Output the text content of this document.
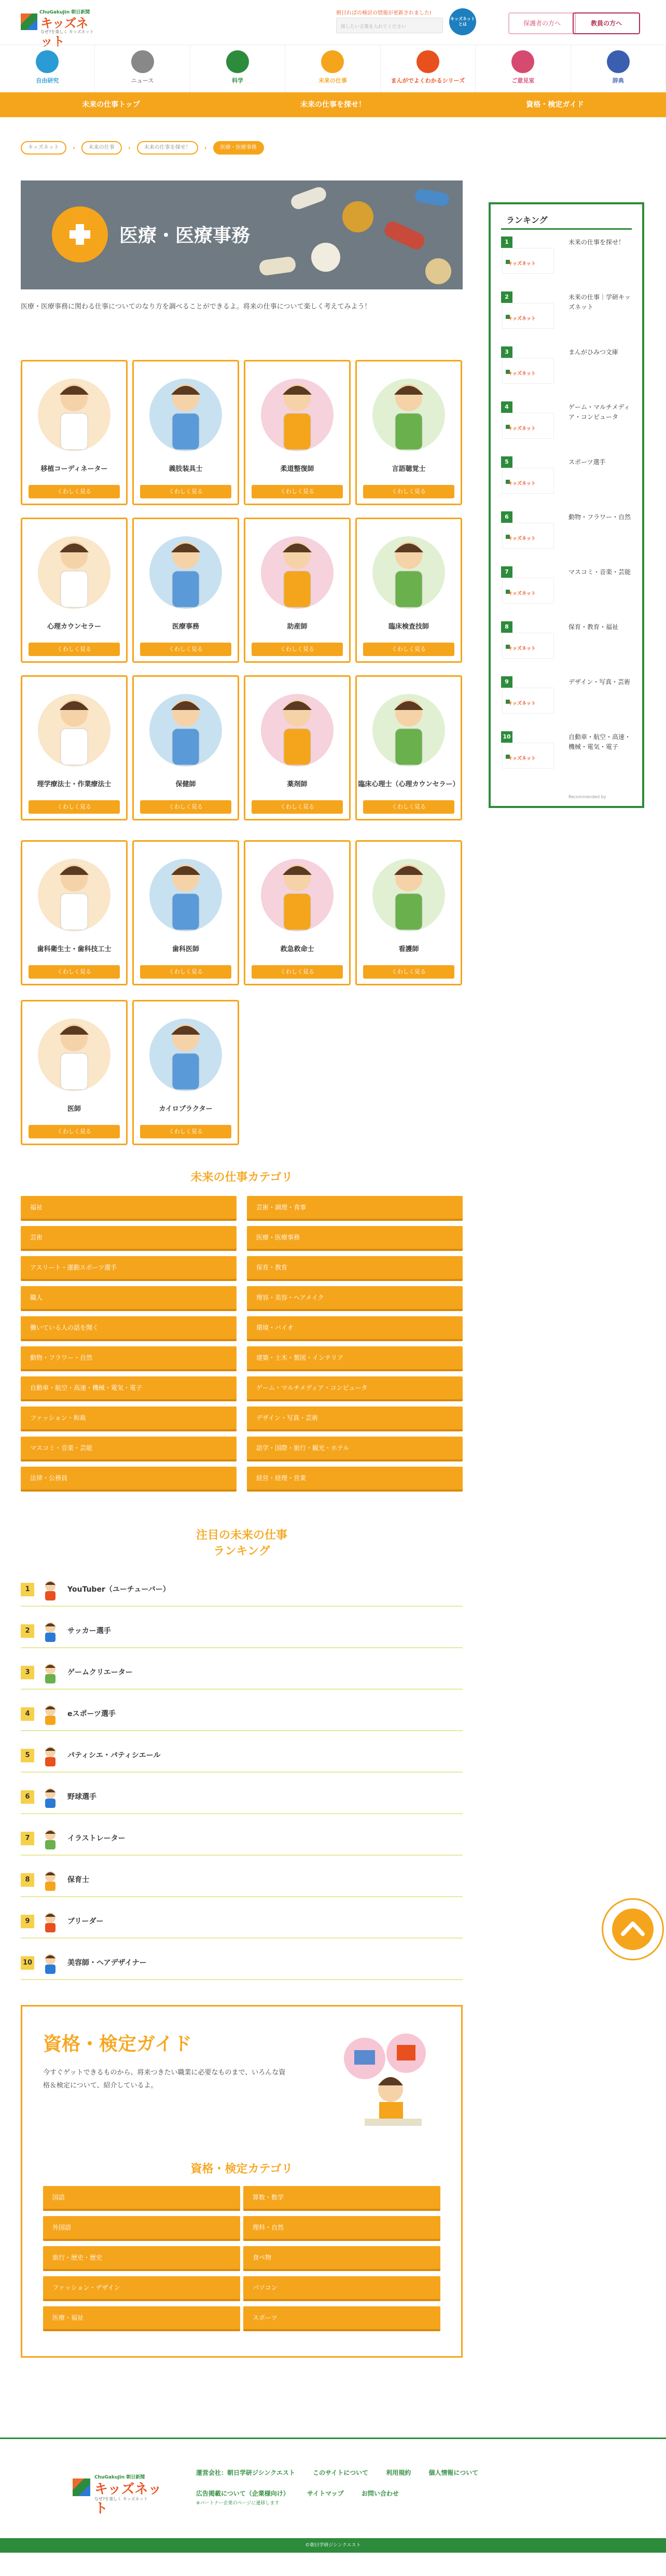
ChuGakuJin 朝日新聞
キッズネット
なぜ?を楽しく キッズネット
朝日ればの検討の情報が更新されました!
探したい言葉を入れてください
キッズネットとは	保護者の方へ	教員の方へ
自由研究	ニュース	科学	未来の仕事	まんがでよくわかるシリーズ	ご意見室	辞典
未来の仕事トップ	未来の仕事を探せ！	資格・検定ガイド
キッズネット	›	未来の仕事	›	未来の仕事を探せ！	›	医療・医療事務
医療・医療事務
医療・医療事務に関わる仕事についてのなり方を調べることができるよ。将来の仕事について楽しく考えてみよう！
移植コーディネーター
くわしく見る
義肢装具士
くわしく見る
柔道整復師
くわしく見る
言語聴覚士
くわしく見る
心理カウンセラー
くわしく見る
医療事務
くわしく見る
助産師
くわしく見る
臨床検査技師
くわしく見る
理学療法士・作業療法士
くわしく見る
保健師
くわしく見る
薬剤師
くわしく見る
臨床心理士（心理カウンセラー）
くわしく見る
歯科衛生士・歯科技工士
くわしく見る
歯科医師
くわしく見る
救急救命士
くわしく見る
看護師
くわしく見る
医師
くわしく見る
カイロプラクター
くわしく見る
未来の仕事カテゴリ
福祉
芸術
アスリート・運動スポーツ選手
職人
働いている人の話を聞く
動物・フラワー・自然
自動車・航空・高速・機械・電気・電子
ファッション・和裁
マスコミ・音楽・芸能
法律・公務員
芸術・調理・食事
医療・医療事務
保育・教育
理容・美容・ヘアメイク
環境・バイオ
建築・土木・製図・インテリア
ゲーム・マルチメディア・コンピュータ
デザイン・写真・芸術
語学・国際・旅行・観光・ホテル
経営・経理・営業
注目の未来の仕事
ランキング
1	YouTuber（ユーチューバー）
2	サッカー選手
3	ゲームクリエーター
4	eスポーツ選手
5	パティシエ・パティシエール
6	野球選手
7	イラストレーター
8	保育士
9	ブリーダー
10	美容師・ヘアデザイナー
ランキング
1
キッズネット
未来の仕事を探せ！
2
キッズネット
未来の仕事｜学研キッズネット
3
キッズネット
まんがひみつ文庫
4
キッズネット
ゲーム・マルチメディア・コンピュータ
5
キッズネット
スポーツ選手
6
キッズネット
動物・フラワー・自然
7
キッズネット
マスコミ・音楽・芸能
8
キッズネット
保育・教育・福祉
9
キッズネット
デザイン・写真・芸術
10
キッズネット
自動車・航空・高速・機械・電気・電子
Recommended by
資格・検定ガイド

今すぐゲットできるものから、将来つきたい職業に必要なものまで、いろんな資格＆検定について、紹介しているよ。

資格・検定カテゴリ
国語
外国語
旅行・歴史・歴史
ファッション・デザイン
医療・福祉
算数・数学
理科・自然
食べ物
パソコン
スポーツ
ChuGakuJin 朝日新聞
キッズネット
なぜ?を楽しく キッズネット
運営会社：朝日学研ジシンクエスト	このサイトについて	利用規約	個人情報について
広告掲載について（企業様向け）	サイトマップ	お問い合わせ
※パートナー企業のページに遷移します
©朝日学研ジシンクエスト
